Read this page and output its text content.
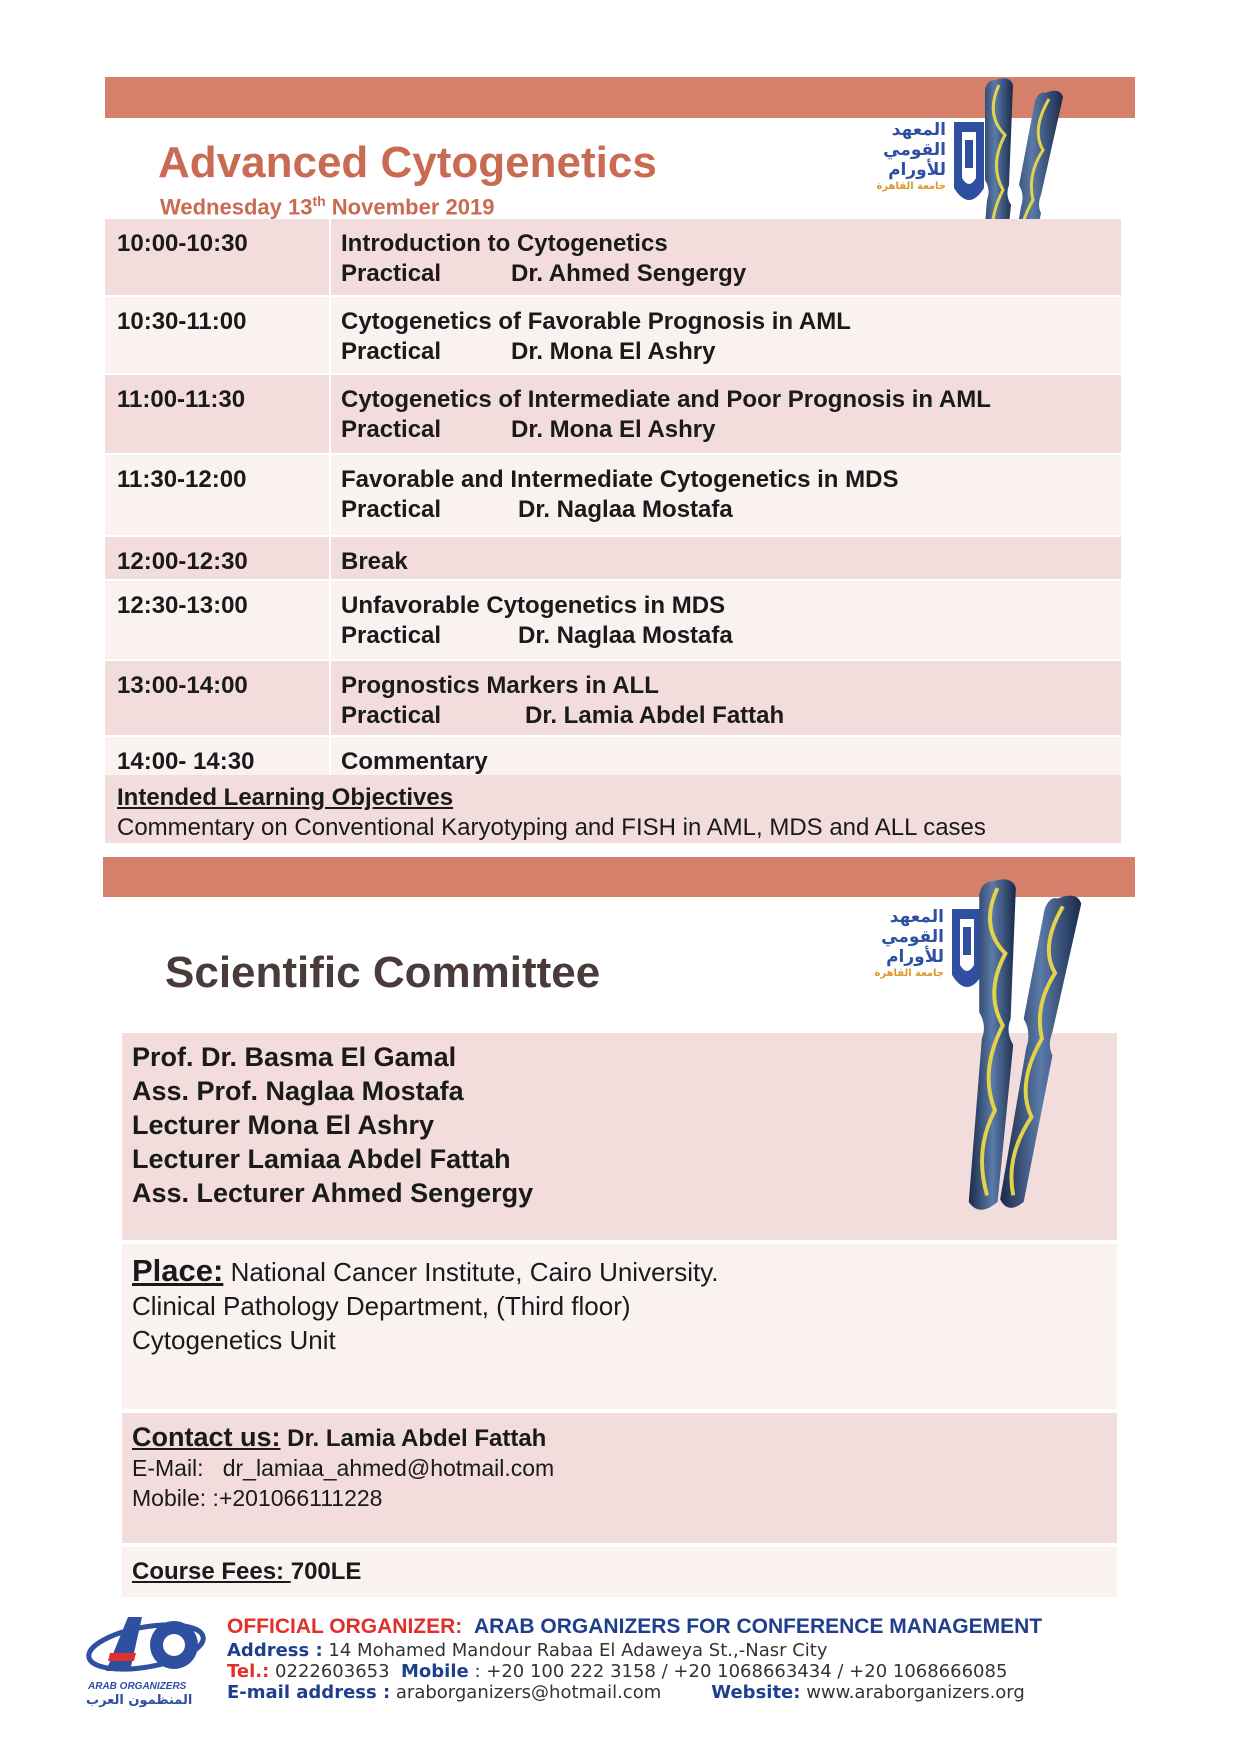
Advanced Cytogenetics
Wednesday 13th November 2019
المعهد
القومي
للأورام
جامعة القاهرة
10:00-10:30	Introduction to Cytogenetics
Practical	Dr. Ahmed Sengergy
10:30-11:00	Cytogenetics of Favorable Prognosis in AML
Practical	Dr. Mona El Ashry
11:00-11:30	Cytogenetics of Intermediate and Poor Prognosis in AML
Practical	Dr. Mona El Ashry
11:30-12:00	Favorable and Intermediate Cytogenetics in MDS
Practical	Dr. Naglaa Mostafa
12:00-12:30	Break
12:30-13:00	Unfavorable Cytogenetics in MDS
Practical	Dr. Naglaa Mostafa
13:00-14:00	Prognostics Markers in ALL
Practical	Dr. Lamia Abdel Fattah
14:00- 14:30	Commentary
Intended Learning Objectives
Commentary on Conventional Karyotyping and FISH in AML, MDS and ALL cases
Scientific Committee
المعهد
القومي
للأورام
جامعة القاهرة
Prof. Dr. Basma El Gamal
Ass. Prof. Naglaa Mostafa
Lecturer Mona El Ashry
Lecturer Lamiaa Abdel Fattah
Ass. Lecturer Ahmed Sengergy
Place: National Cancer Institute, Cairo University.
Clinical Pathology Department, (Third floor)
Cytogenetics Unit
Contact us: Dr. Lamia Abdel Fattah
E-Mail: dr_lamiaa_ahmed@hotmail.com
Mobile: :+201066111228
Course Fees: 700LE
ARAB ORGANIZERS
المنظمون العرب
OFFICIAL ORGANIZER: ARAB ORGANIZERS FOR CONFERENCE MANAGEMENT
Address : 14 Mohamed Mandour Rabaa El Adaweya St.,-Nasr City
Tel.: 0222603653 Mobile : +20 100 222 3158 / +20 1068663434 / +20 1068666085
E-mail address : araborganizers@hotmail.com	Website: www.araborganizers.org
